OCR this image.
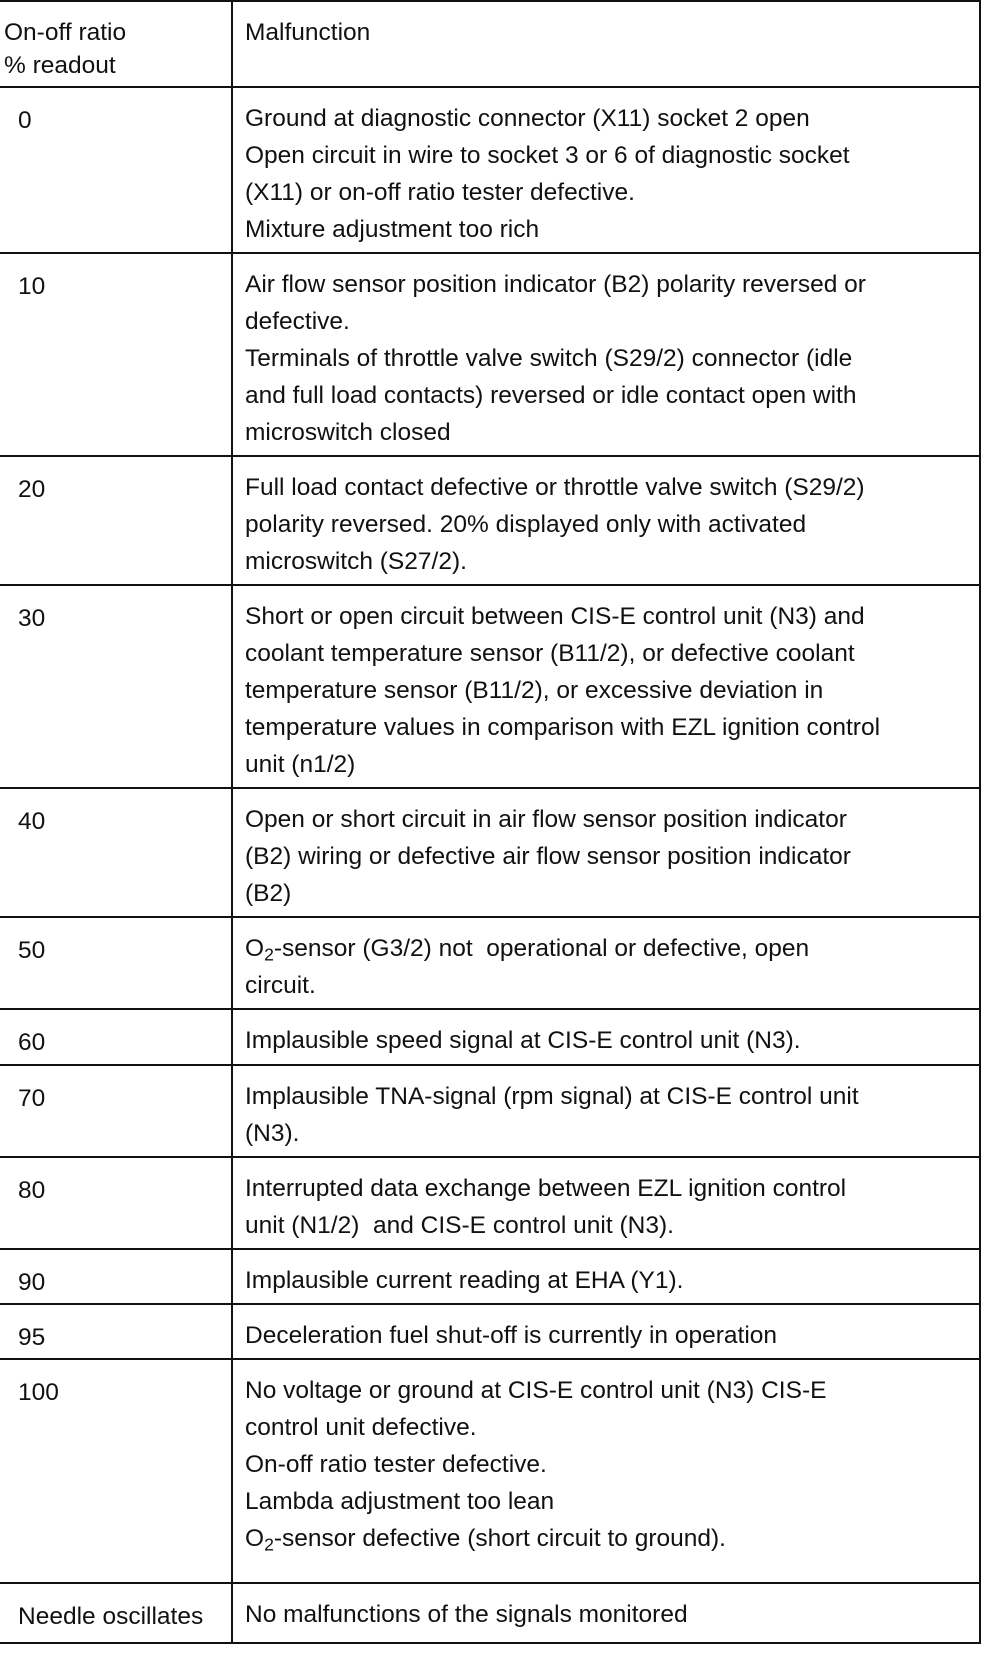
On-off ratio
% readout	Malfunction
0	Ground at diagnostic connector (X11) socket 2 open
Open circuit in wire to socket 3 or 6 of diagnostic socket
(X11) or on-off ratio tester defective.
Mixture adjustment too rich

10	Air flow sensor position indicator (B2) polarity reversed or
defective.
Terminals of throttle valve switch (S29/2) connector (idle
and full load contacts) reversed or idle contact open with
microswitch closed

20	Full load contact defective or throttle valve switch (S29/2)
polarity reversed. 20% displayed only with activated
microswitch (S27/2).

30	Short or open circuit between CIS-E control unit (N3) and
coolant temperature sensor (B11/2), or defective coolant
temperature sensor (B11/2), or excessive deviation in
temperature values in comparison with EZL ignition control
unit (n1/2)

40	Open or short circuit in air flow sensor position indicator
(B2) wiring or defective air flow sensor position indicator
(B2)

50	$O_2$-sensor (G3/2) not  operational or defective, open
circuit.

60	Implausible speed signal at CIS-E control unit (N3).

70	Implausible TNA-signal (rpm signal) at CIS-E control unit
(N3).

80	Interrupted data exchange between EZL ignition control
unit (N1/2)  and CIS-E control unit (N3).

90	Implausible current reading at EHA (Y1).

95	Deceleration fuel shut-off is currently in operation

100	No voltage or ground at CIS-E control unit (N3) CIS-E
control unit defective.
On-off ratio tester defective.
Lambda adjustment too lean
$O_2$-sensor defective (short circuit to ground).

Needle oscillates	No malfunctions of the signals monitored
